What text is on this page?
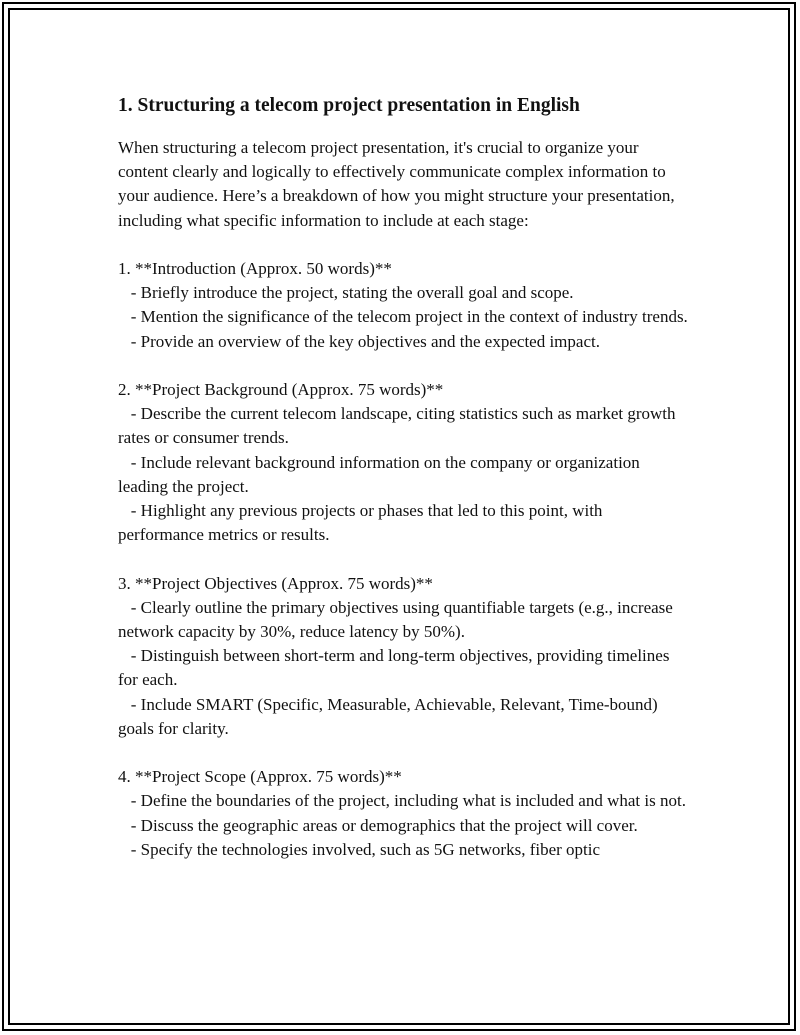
1. Structuring a telecom project presentation in English

When structuring a telecom project presentation, it's crucial to organize your content clearly and logically to effectively communicate complex information to your audience. Here’s a breakdown of how you might structure your presentation, including what specific information to include at each stage:

1. **Introduction (Approx. 50 words)**
- Briefly introduce the project, stating the overall goal and scope.
- Mention the significance of the telecom project in the context of industry trends.
- Provide an overview of the key objectives and the expected impact.
2. **Project Background (Approx. 75 words)**
- Describe the current telecom landscape, citing statistics such as market growth rates or consumer trends.
- Include relevant background information on the company or organization leading the project.
- Highlight any previous projects or phases that led to this point, with performance metrics or results.
3. **Project Objectives (Approx. 75 words)**
- Clearly outline the primary objectives using quantifiable targets (e.g., increase network capacity by 30%, reduce latency by 50%).
- Distinguish between short-term and long-term objectives, providing timelines for each.
- Include SMART (Specific, Measurable, Achievable, Relevant, Time-bound) goals for clarity.
4. **Project Scope (Approx. 75 words)**
- Define the boundaries of the project, including what is included and what is not.
- Discuss the geographic areas or demographics that the project will cover.
- Specify the technologies involved, such as 5G networks, fiber optic
